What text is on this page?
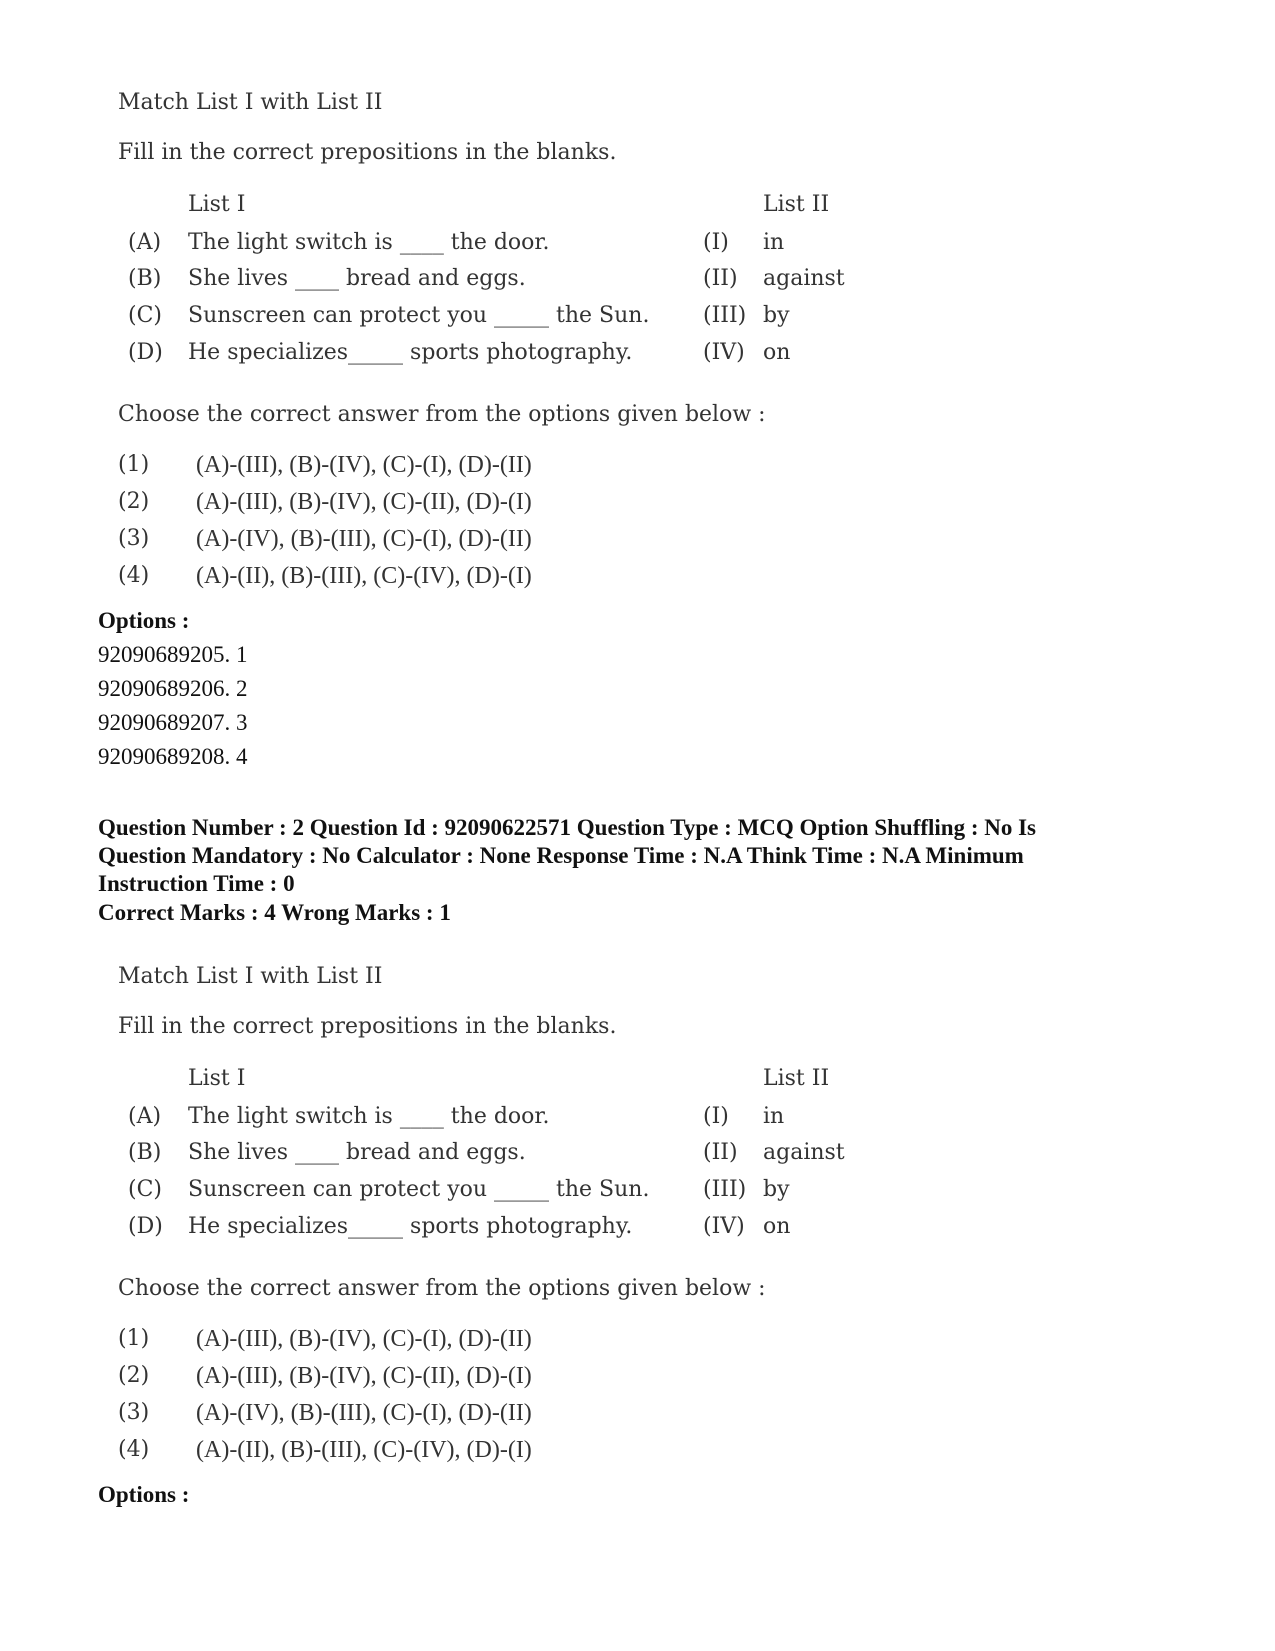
Match List I with List II
Fill in the correct prepositions in the blanks.
List I	List II
(A) The light switch is ____ the door.	(I) in
(B) She lives ____ bread and eggs.	(II) against
(C) Sunscreen can protect you _____ the Sun. (III) by
(D) He specializes_____ sports photography.	(IV) on
Choose the correct answer from the options given below :
(1) (A)-(III), (B)-(IV), (C)-(I), (D)-(II)
(2) (A)-(III), (B)-(IV), (C)-(II), (D)-(I)
(3) (A)-(IV), (B)-(III), (C)-(I), (D)-(II)
(4) (A)-(II), (B)-(III), (C)-(IV), (D)-(I)
Options :
92090689205. 1
92090689206. 2
92090689207. 3
92090689208. 4
Question Number : 2 Question Id : 92090622571 Question Type : MCQ Option Shuffling : No Is
Question Mandatory : No Calculator : None Response Time : N.A Think Time : N.A Minimum
Instruction Time : 0
Correct Marks : 4 Wrong Marks : 1
Match List I with List II
Fill in the correct prepositions in the blanks.
List I	List II
(A) The light switch is ____ the door.	(I) in
(B) She lives ____ bread and eggs.	(II) against
(C) Sunscreen can protect you _____ the Sun. (III) by
(D) He specializes_____ sports photography.	(IV) on
Choose the correct answer from the options given below :
(1) (A)-(III), (B)-(IV), (C)-(I), (D)-(II)
(2) (A)-(III), (B)-(IV), (C)-(II), (D)-(I)
(3) (A)-(IV), (B)-(III), (C)-(I), (D)-(II)
(4) (A)-(II), (B)-(III), (C)-(IV), (D)-(I)
Options :
